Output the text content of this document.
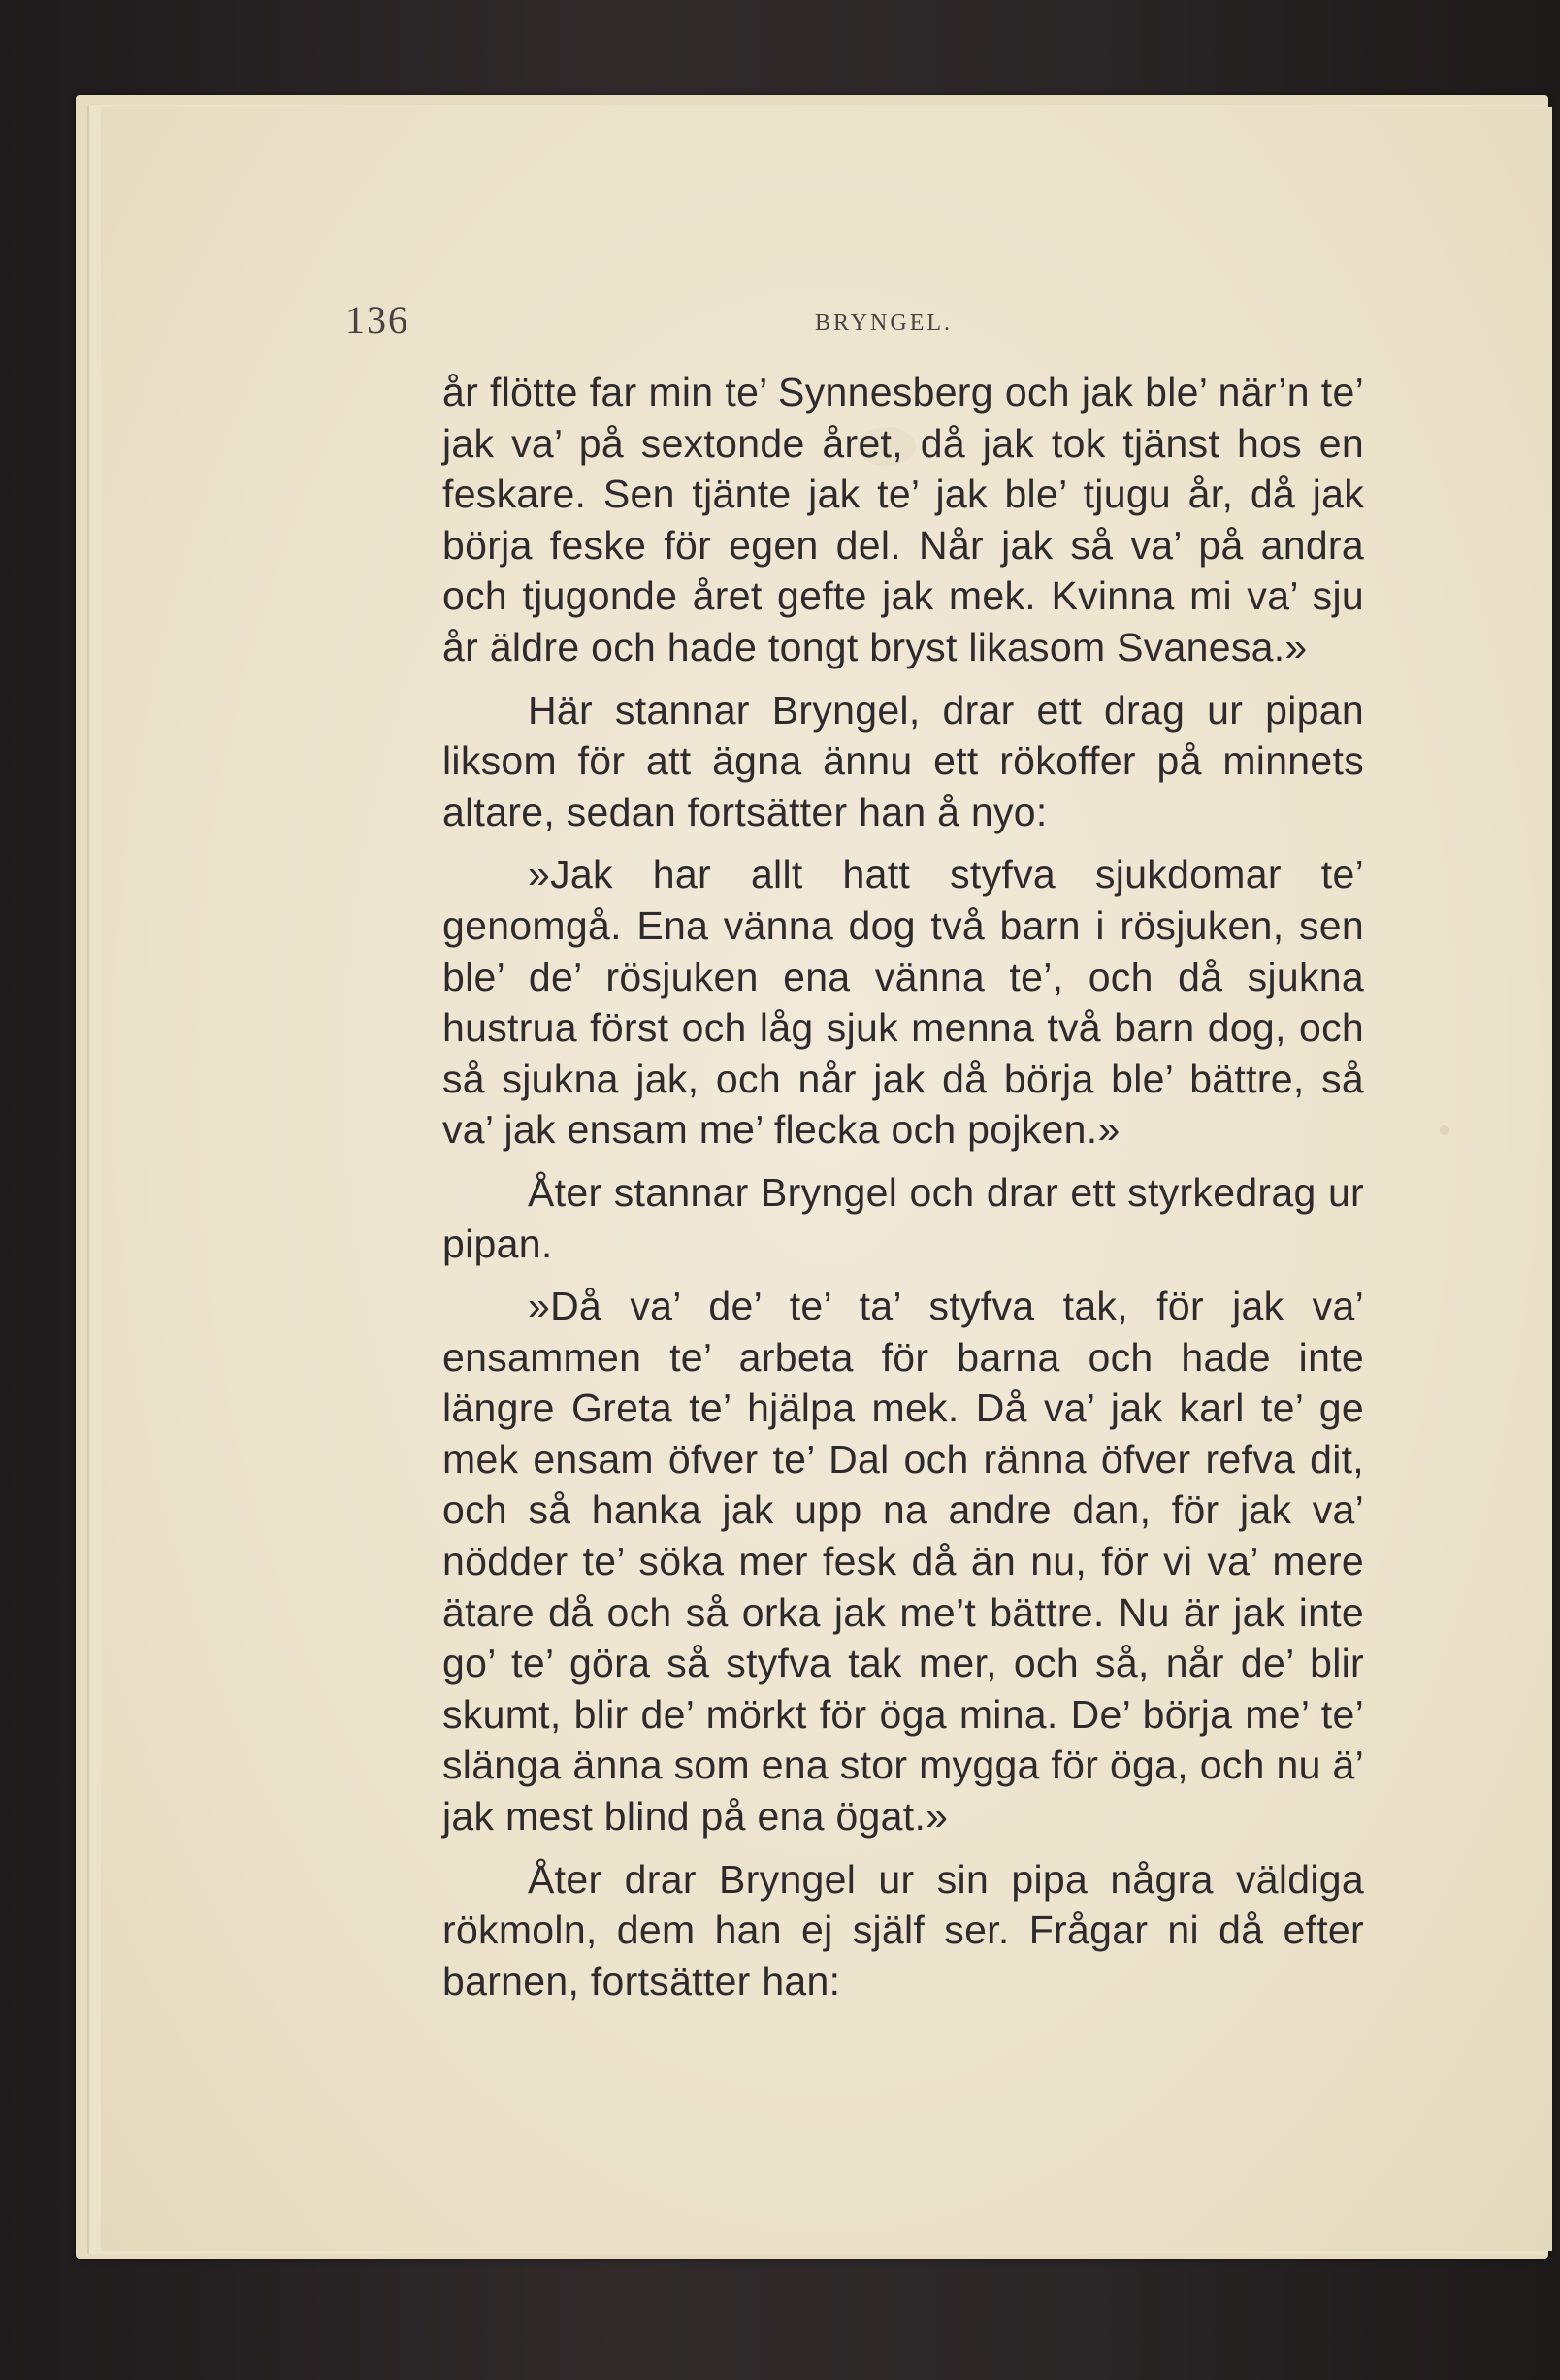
136	BRYNGEL.

år flötte far min te’ Synnesberg och jak ble’ när’n te’ jak va’ på sextonde året, då jak tok tjänst hos en feskare. Sen tjänte jak te’ jak ble’ tjugu år, då jak börja feske för egen del. Når jak så va’ på andra och tjugonde året gefte jak mek. Kvinna mi va’ sju år äldre och hade tongt bryst likasom Svanesa.»

Här stannar Bryngel, drar ett drag ur pipan liksom för att ägna ännu ett rökoffer på minnets altare, sedan fortsätter han å nyo:

»Jak har allt hatt styfva sjukdomar te’ genomgå. Ena vänna dog två barn i rösjuken, sen ble’ de’ rösjuken ena vänna te’, och då sjukna hustrua först och låg sjuk menna två barn dog, och så sjukna jak, och når jak då börja ble’ bättre, så va’ jak ensam me’ flecka och pojken.»

Åter stannar Bryngel och drar ett styrkedrag ur pipan.

»Då va’ de’ te’ ta’ styfva tak, för jak va’ ensammen te’ arbeta för barna och hade inte längre Greta te’ hjälpa mek. Då va’ jak karl te’ ge mek ensam öfver te’ Dal och ränna öfver refva dit, och så hanka jak upp na andre dan, för jak va’ nödder te’ söka mer fesk då än nu, för vi va’ mere ätare då och så orka jak me’t bättre. Nu är jak inte go’ te’ göra så styfva tak mer, och så, når de’ blir skumt, blir de’ mörkt för öga mina. De’ börja me’ te’ slänga änna som ena stor mygga för öga, och nu ä’ jak mest blind på ena ögat.»

Åter drar Bryngel ur sin pipa några väldiga rökmoln, dem han ej själf ser. Frågar ni då efter barnen, fortsätter han:
